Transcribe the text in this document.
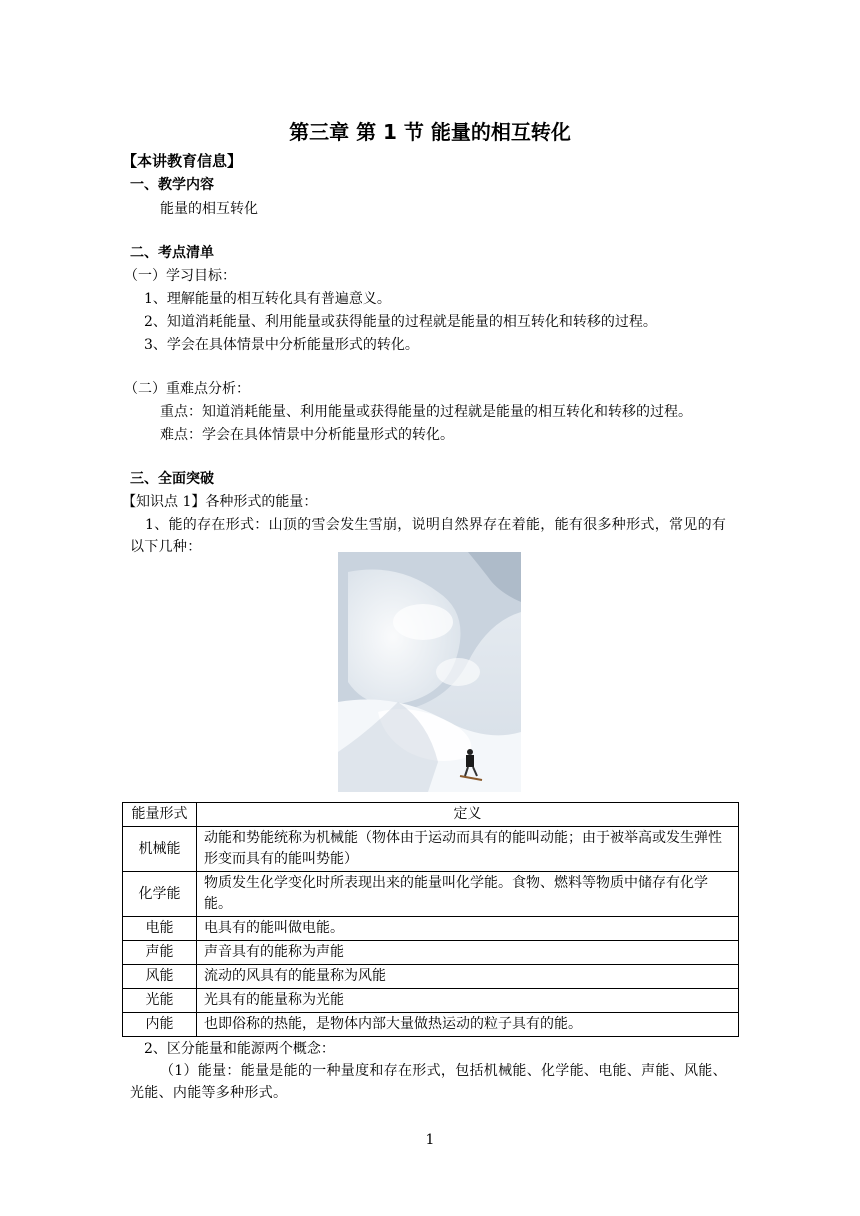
第三章 第 1 节 能量的相互转化
【本讲教育信息】
一、教学内容
能量的相互转化
二、考点清单
（一）学习目标：
1、理解能量的相互转化具有普遍意义。
2、知道消耗能量、利用能量或获得能量的过程就是能量的相互转化和转移的过程。
3、学会在具体情景中分析能量形式的转化。
（二）重难点分析：
重点：知道消耗能量、利用能量或获得能量的过程就是能量的相互转化和转移的过程。
难点：学会在具体情景中分析能量形式的转化。
三、全面突破
【知识点 1】各种形式的能量：
1、能的存在形式：山顶的雪会发生雪崩，说明自然界存在着能，能有很多种形式，常见的有以下几种：
能量形式	定义
机械能	动能和势能统称为机械能（物体由于运动而具有的能叫动能；由于被举高或发生弹性形变而具有的能叫势能）
化学能	物质发生化学变化时所表现出来的能量叫化学能。食物、燃料等物质中储存有化学能。
电能	电具有的能叫做电能。
声能	声音具有的能称为声能
风能	流动的风具有的能量称为风能
光能	光具有的能量称为光能
内能	也即俗称的热能，是物体内部大量做热运动的粒子具有的能。
2、区分能量和能源两个概念：
（1）能量：能量是能的一种量度和存在形式，包括机械能、化学能、电能、声能、风能、光能、内能等多种形式。
1
